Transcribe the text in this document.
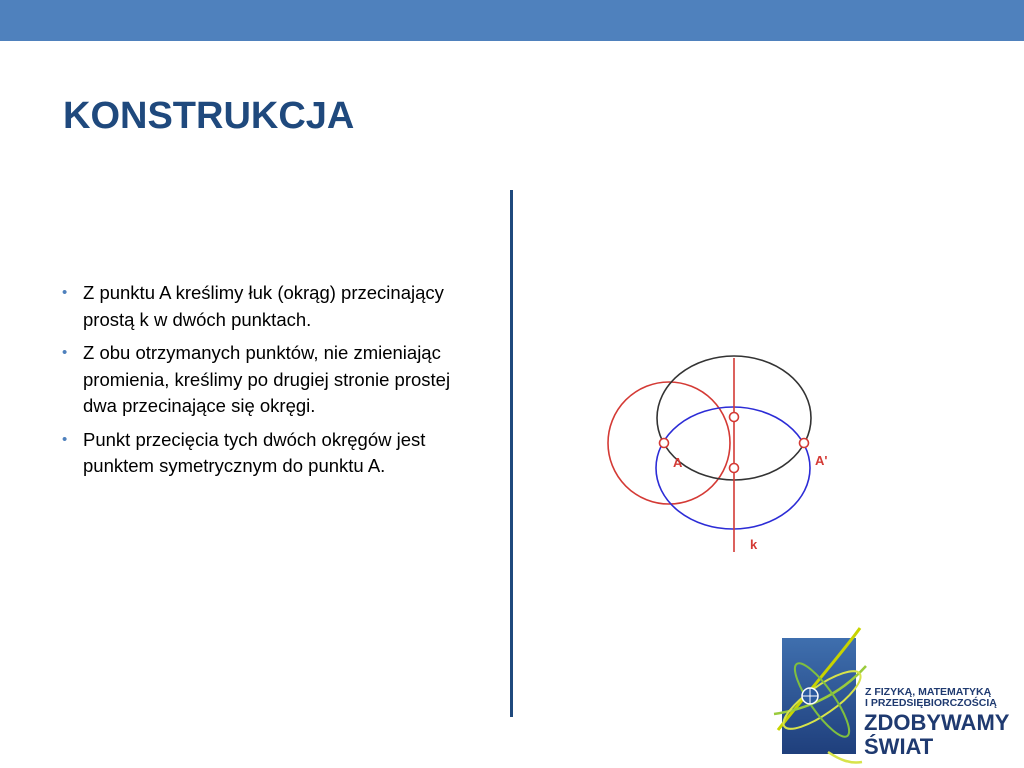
KONSTRUKCJA
• Z punktu A kreślimy łuk (okrąg) przecinający prostą k w dwóch punktach.
• Z obu otrzymanych punktów, nie zmieniając promienia, kreślimy po drugiej stronie prostej dwa przecinające się okręgi.
• Punkt przecięcia tych dwóch okręgów jest punktem symetrycznym do punktu A.	A	A'
k
Z FIZYKĄ, MATEMATYKĄ
I PRZEDSIĘBIORCZOŚCIĄ
ZDOBYWAMY
ŚWIAT
